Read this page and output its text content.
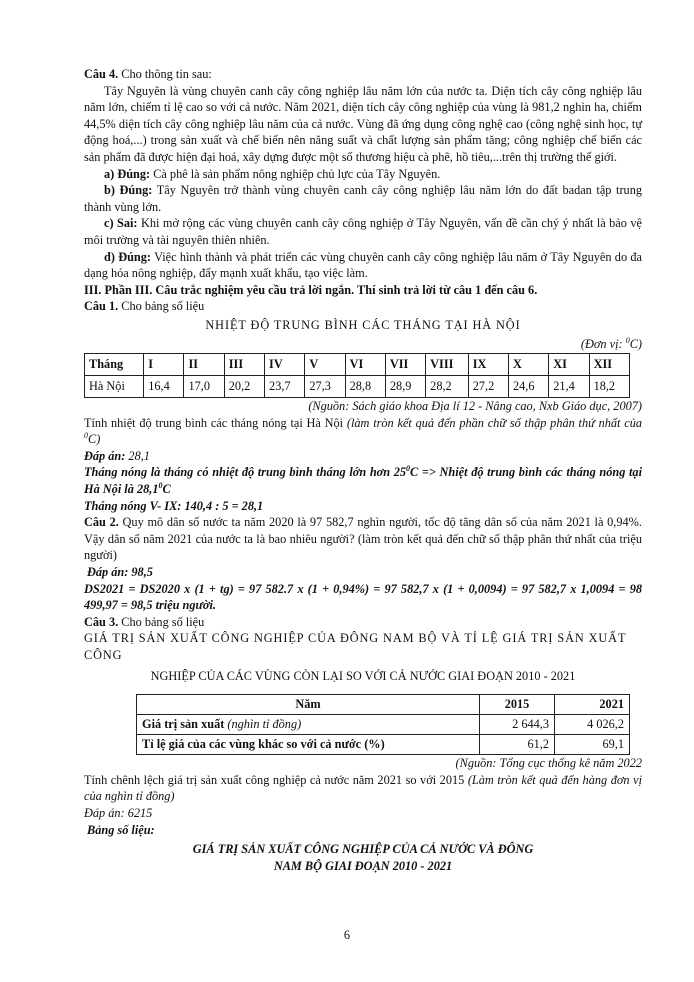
Câu 4. Cho thông tin sau:

Tây Nguyên là vùng chuyên canh cây công nghiệp lâu năm lớn của nước ta. Diện tích cây công nghiệp lâu năm lớn, chiếm tỉ lệ cao so với cả nước. Năm 2021, diện tích cây công nghiệp của vùng là 981,2 nghìn ha, chiếm 44,5% diện tích cây công nghiệp lâu năm của cả nước. Vùng đã ứng dụng công nghệ cao (công nghệ sinh học, tự động hoá,...) trong sản xuất và chế biến nên năng suất và chất lượng sản phẩm tăng; công nghiệp chế biến các sản phẩm đã được hiện đại hoá, xây dựng được một số thương hiệu cà phê, hồ tiêu,...trên thị trường thế giới.

a) Đúng: Cà phê là sản phẩm nông nghiệp chủ lực của Tây Nguyên.

b) Đúng: Tây Nguyên trở thành vùng chuyên canh cây công nghiệp lâu năm lớn do đất badan tập trung thành vùng lớn.

c) Sai: Khi mở rộng các vùng chuyên canh cây công nghiệp ở Tây Nguyên, vấn đề cần chý ý nhất là bảo vệ môi trường và tài nguyên thiên nhiên.

d) Đúng: Việc hình thành và phát triển các vùng chuyên canh cây công nghiệp lâu năm ở Tây Nguyên do đa dạng hóa nông nghiệp, đẩy mạnh xuất khẩu, tạo việc làm.

III. Phần III. Câu trắc nghiệm yêu cầu trả lời ngắn. Thí sinh trả lời từ câu 1 đến câu 6.

Câu 1. Cho bảng số liệu

NHIỆT ĐỘ TRUNG BÌNH CÁC THÁNG TẠI HÀ NỘI

(Đơn vị: $^0$C)

Tháng	I	II	III	IV	V	VI	VII	VIII	IX	X	XI	XII
Hà Nội	16,4	17,0	20,2	23,7	27,3	28,8	28,9	28,2	27,2	24,6	21,4	18,2

(Nguồn: Sách giáo khoa Địa lí 12 - Nâng cao, Nxb Giáo dục, 2007)

Tính nhiệt độ trung bình các tháng nóng tại Hà Nội (làm tròn kết quả đến phần chữ số thập phân thứ nhất của $^0$C)

Đáp án: 28,1

Tháng nóng là tháng có nhiệt độ trung bình tháng lớn hơn $25^0C$ => Nhiệt độ trung bình các tháng nóng tại Hà Nội là 28,1$^0$C

Tháng nóng V- IX: 140,4 : 5 = 28,1

Câu 2. Quy mô dân số nước ta năm 2020 là 97 582,7 nghìn người, tốc độ tăng dân số của năm 2021 là 0,94%. Vậy dân số năm 2021 của nước ta là bao nhiêu người? (làm tròn kết quả đến chữ số thập phân thứ nhất của triệu người)

Đáp án: 98,5

DS2021 = DS2020 x (1 + tg) = 97 582.7 x (1 + 0,94%) = 97 582,7 x (1 + 0,0094) = 97 582,7 x 1,0094 = 98 499,97 = 98,5 triệu người.

Câu 3. Cho bảng số liệu

GIÁ TRỊ SẢN XUẤT CÔNG NGHIỆP CỦA ĐÔNG NAM BỘ VÀ TỈ LỆ GIÁ TRỊ SẢN XUẤT CÔNG

NGHIỆP CỦA CÁC VÙNG CÒN LẠI SO VỚI CẢ NƯỚC GIAI ĐOẠN 2010 - 2021

Năm	2015	2021
Giá trị sản xuất (nghìn tỉ đồng)	2 644,3	4 026,2
Tỉ lệ giá của các vùng khác so với cả nước (%)	61,2	69,1

(Nguồn: Tổng cục thống kê năm 2022

Tính chênh lệch giá trị sản xuất công nghiệp cả nước năm 2021 so với 2015 (Làm tròn kết quả đến hàng đơn vị của nghìn tỉ đồng)

Đáp án: 6215

Bảng số liệu:

GIÁ TRỊ SẢN XUẤT CÔNG NGHIỆP CỦA CẢ NƯỚC VÀ ĐÔNG

NAM BỘ GIAI ĐOẠN 2010 - 2021

6
